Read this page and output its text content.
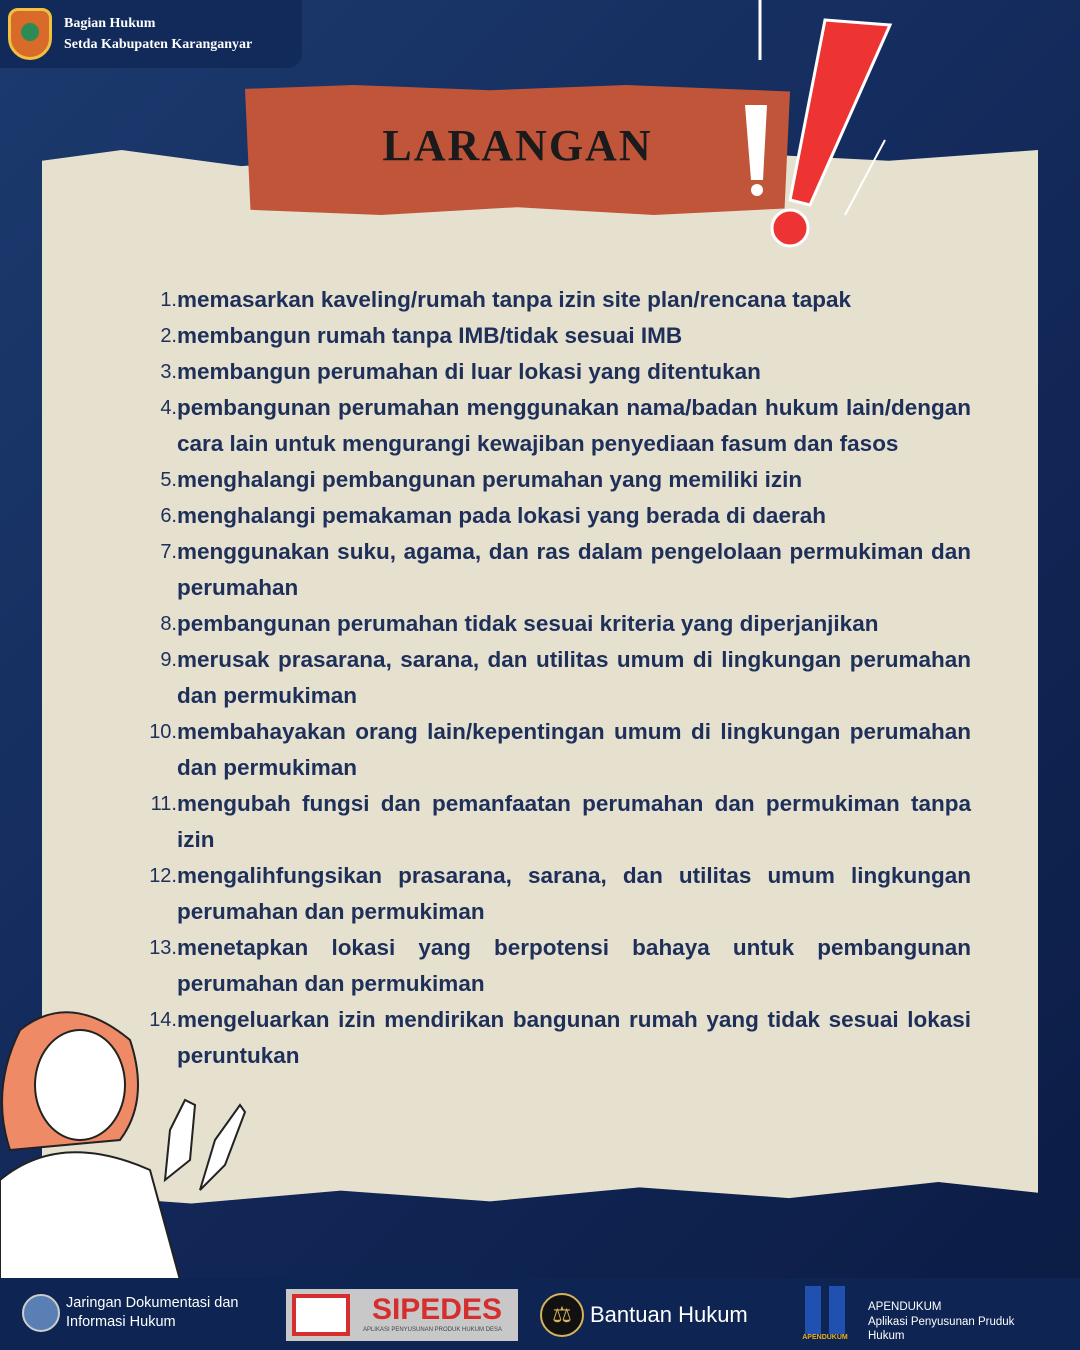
Bagian Hukum
Setda Kabupaten Karanganyar
LARANGAN
1. memasarkan kaveling/rumah tanpa izin site plan/rencana tapak
2. membangun rumah tanpa IMB/tidak sesuai IMB
3. membangun perumahan di luar lokasi yang ditentukan
4. pembangunan perumahan menggunakan nama/badan hukum lain/dengan cara lain untuk mengurangi kewajiban penyediaan fasum dan fasos
5. menghalangi pembangunan perumahan yang memiliki izin
6. menghalangi pemakaman pada lokasi yang berada di daerah
7. menggunakan suku, agama, dan ras dalam pengelolaan permukiman dan perumahan
8. pembangunan perumahan tidak sesuai kriteria yang diperjanjikan
9. merusak prasarana, sarana, dan utilitas umum di lingkungan perumahan dan permukiman
10. membahayakan orang lain/kepentingan umum di lingkungan perumahan dan permukiman
11. mengubah fungsi dan pemanfaatan perumahan dan permukiman tanpa izin
12. mengalihfungsikan prasarana, sarana, dan utilitas umum lingkungan perumahan dan permukiman
13. menetapkan lokasi yang berpotensi bahaya untuk pembangunan perumahan dan permukiman
14. mengeluarkan izin mendirikan bangunan rumah yang tidak sesuai lokasi peruntukan
Jaringan Dokumentasi dan
Informasi Hukum	SIPEDES
APLIKASI PENYUSUNAN PRODUK HUKUM DESA
⚖ Bantuan Hukum
APENDUKUM
APENDUKUM
Aplikasi Penyusunan Pruduk
Hukum
